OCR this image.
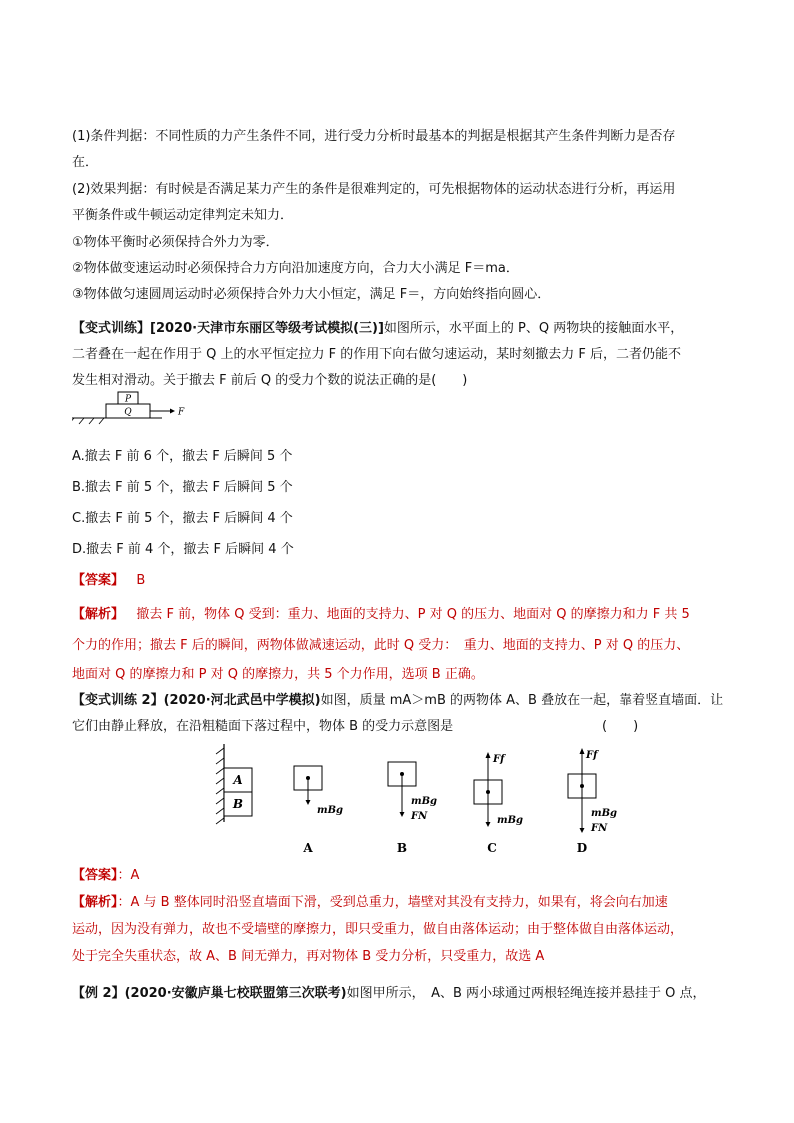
(1)条件判据：不同性质的力产生条件不同，进行受力分析时最基本的判据是根据其产生条件判断力是否存
在．
(2)效果判据：有时候是否满足某力产生的条件是很难判定的，可先根据物体的运动状态进行分析，再运用
平衡条件或牛顿运动定律判定未知力．
①物体平衡时必须保持合外力为零．
②物体做变速运动时必须保持合力方向沿加速度方向，合力大小满足 F＝ma．
③物体做匀速圆周运动时必须保持合外力大小恒定，满足 F＝，方向始终指向圆心．
【变式训练】[2020·天津市东丽区等级考试模拟(三)]如图所示，水平面上的 P、Q 两物块的接触面水平，
二者叠在一起在作用于 Q 上的水平恒定拉力 F 的作用下向右做匀速运动，某时刻撤去力 F 后，二者仍能不
发生相对滑动。关于撤去 F 前后 Q 的受力个数的说法正确的是(　　)
P
Q	F
A.撤去 F 前 6 个，撤去 F 后瞬间 5 个
B.撤去 F 前 5 个，撤去 F 后瞬间 5 个
C.撤去 F 前 5 个，撤去 F 后瞬间 4 个
D.撤去 F 前 4 个，撤去 F 后瞬间 4 个
【答案】 B
【解析】 撤去 F 前，物体 Q 受到：重力、地面的支持力、P 对 Q 的压力、地面对 Q 的摩擦力和力 F 共 5
个力的作用；撤去 F 后的瞬间，两物体做减速运动，此时 Q 受力：　重力、地面的支持力、P 对 Q 的压力、
地面对 Q 的摩擦力和 P 对 Q 的摩擦力，共 5 个力作用，选项 B 正确。
【变式训练 2】(2020·河北武邑中学模拟)如图，质量 mA＞mB 的两物体 A、B 叠放在一起，靠着竖直墙面．让
它们由静止释放，在沿粗糙面下落过程中，物体 B 的受力示意图是	(　　)
A
B	mBg
mBg
FN
Ff
mBg
Ff
mBg
FN
A	B	C	D
【答案】：A
【解析】：A 与 B 整体同时沿竖直墙面下滑，受到总重力，墙壁对其没有支持力，如果有，将会向右加速
运动，因为没有弹力，故也不受墙壁的摩擦力，即只受重力，做自由落体运动；由于整体做自由落体运动，
处于完全失重状态，故 A、B 间无弹力，再对物体 B 受力分析，只受重力，故选 A
【例 2】(2020·安徽庐巢七校联盟第三次联考)如图甲所示，　A、B 两小球通过两根轻绳连接并悬挂于 O 点，
